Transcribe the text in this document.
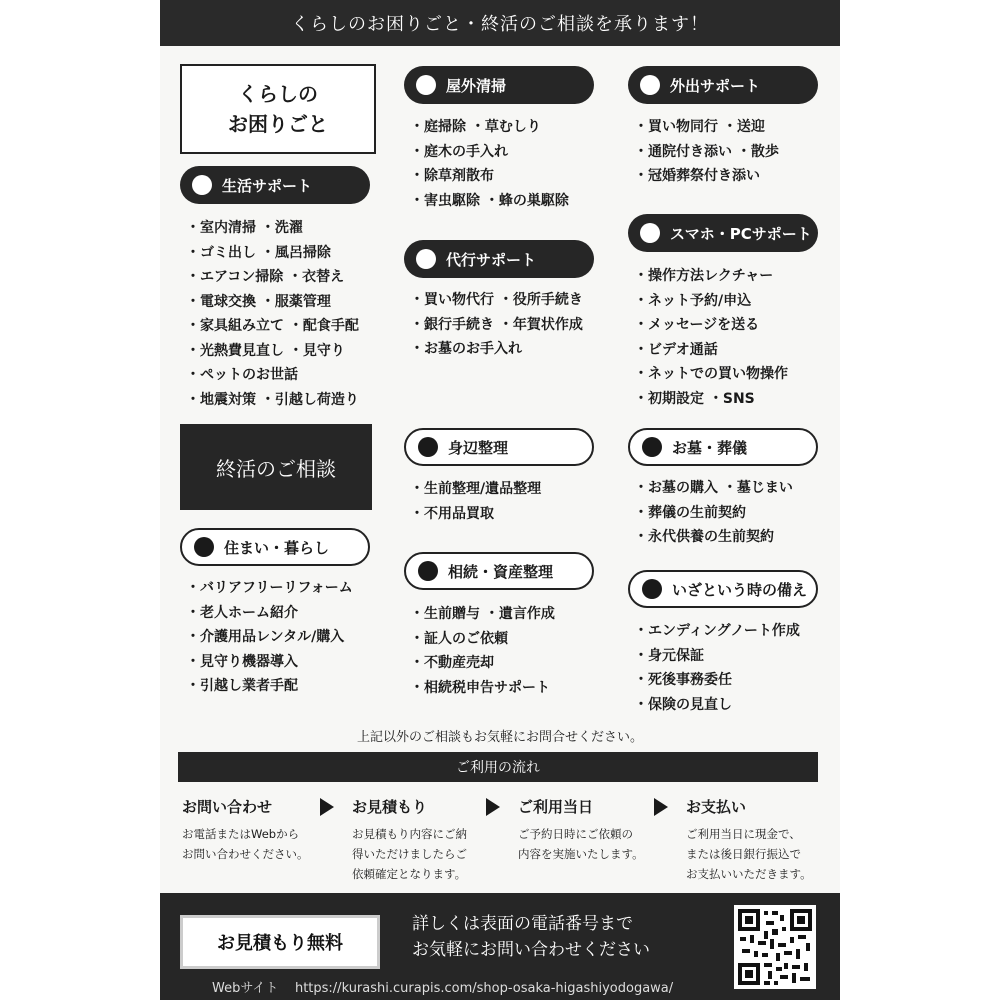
くらしのお困りごと・終活のご相談を承ります！
くらしの
お困りごと
生活サポート
・ 室内清掃 ・洗濯
・ ゴミ出し ・風呂掃除
・ エアコン掃除 ・衣替え
・ 電球交換 ・服薬管理
・ 家具組み立て ・配食手配
・ 光熱費見直し ・見守り
・ ペットのお世話
・ 地震対策 ・引越し荷造り
屋外清掃
・ 庭掃除 ・草むしり
・ 庭木の手入れ
・ 除草剤散布
・ 害虫駆除 ・蜂の巣駆除
代行サポート
・ 買い物代行 ・役所手続き
・ 銀行手続き ・年賀状作成
・ お墓のお手入れ
外出サポート
・ 買い物同行 ・送迎
・ 通院付き添い ・散歩
・ 冠婚葬祭付き添い
スマホ・PCサポート
・ 操作方法レクチャー
・ ネット予約/申込
・ メッセージを送る
・ ビデオ通話
・ ネットでの買い物操作
・ 初期設定 ・SNS
終活のご相談
住まい・暮らし
・ バリアフリーリフォーム
・ 老人ホーム紹介
・ 介護用品レンタル/購入
・ 見守り機器導入
・ 引越し業者手配
身辺整理
・ 生前整理/遺品整理
・ 不用品買取
相続・資産整理
・ 生前贈与 ・遺言作成
・ 証人のご依頼
・ 不動産売却
・ 相続税申告サポート
お墓・葬儀
・ お墓の購入 ・墓じまい
・ 葬儀の生前契約
・ 永代供養の生前契約
いざという時の備え
・ エンディングノート作成
・ 身元保証
・ 死後事務委任
・ 保険の見直し
上記以外のご相談もお気軽にお問合せください。
ご利用の流れ
お問い合わせ
お電話またはWebから
お問い合わせください。
お見積もり
お見積もり内容にご納
得いただけましたらご
依頼確定となります。
ご利用当日
ご予約日時にご依頼の
内容を実施いたします。
お支払い
ご利用当日に現金で、
または後日銀行振込で
お支払いいただきます。
お見積もり無料
詳しくは表面の電話番号まで
お気軽にお問い合わせください
Webサイト https://kurashi.curapis.com/shop-osaka-higashiyodogawa/
